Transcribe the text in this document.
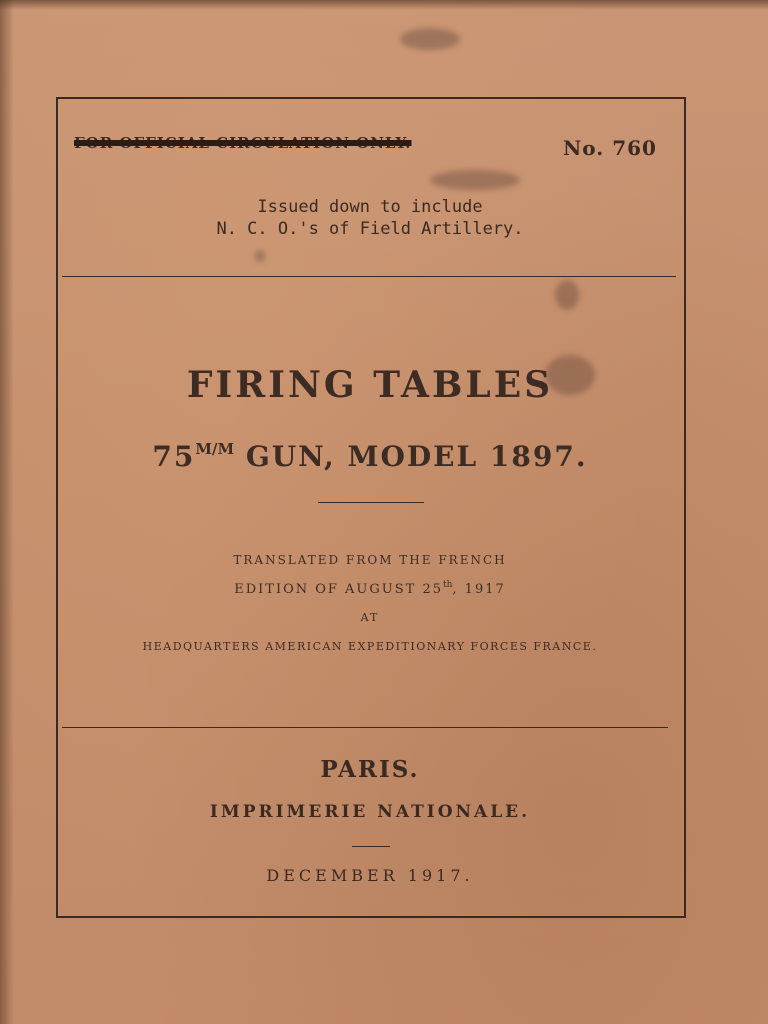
FOR OFFICIAL CIRCULATION ONLY.	No. 760
Issued down to include
N. C. O.'s of Field Artillery.
FIRING TABLES
$75^{M/M}$ GUN, MODEL 1897.
TRANSLATED FROM THE FRENCH
EDITION OF AUGUST 25th, 1917
AT
HEADQUARTERS AMERICAN EXPEDITIONARY FORCES FRANCE.
PARIS.
IMPRIMERIE NATIONALE.
DECEMBER 1917.
